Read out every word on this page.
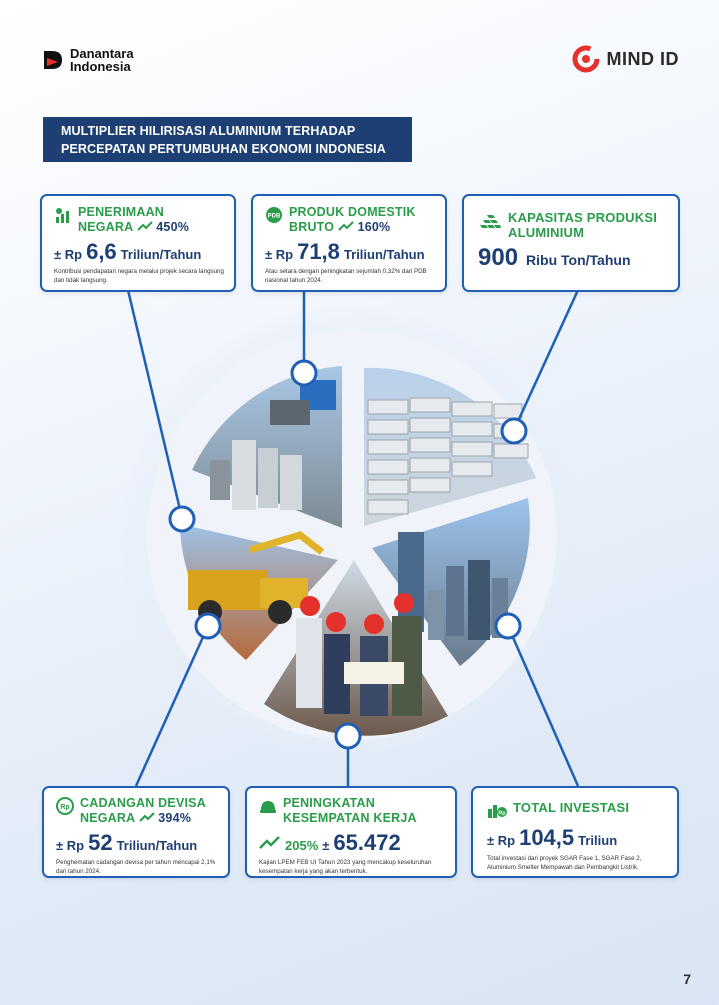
Danantara
Indonesia	MIND ID
MULTIPLIER HILIRISASI ALUMINIUM TERHADAP
PERCEPATAN PERTUMBUHAN EKONOMI INDONESIA
PENERIMAAN
NEGARA 450%
± Rp 6,6 Triliun/Tahun
Kontribusi pendapatan negara melalui projek secara langsung dan tidak langsung.
PDB PRODUK DOMESTIK
BRUTO 160%
± Rp 71,8 Triliun/Tahun
Atau setara dengan peningkatan sejumlah 0,32% dari PDB nasional tahun 2024.
KAPASITAS PRODUKSI
ALUMINIUM
900 Ribu Ton/Tahun
Rp CADANGAN DEVISA
NEGARA 394%
± Rp 52 Triliun/Tahun
Penghematan cadangan devisa per tahun mencapai 2,1% dari tahun 2024.
PENINGKATAN
KESEMPATAN KERJA
205% ± 65.472
Kajian LPEM FEB UI Tahun 2023 yang mencakup keseluruhan kesempatan kerja yang akan terbentuk.
Rp TOTAL INVESTASI
± Rp 104,5 Triliun
Total investasi dari proyek SGAR Fase 1, SGAR Fase 2, Aluminium Smelter Mempawah dan Pembangkit Listrik.
7
